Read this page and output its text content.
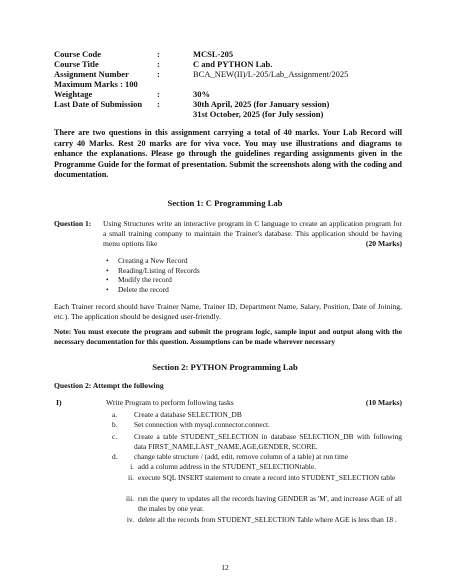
Course Code	:	MCSL-205
Course Title	:	C and PYTHON Lab.
Assignment Number	:	BCA_NEW(II)/L-205/Lab_Assignment/2025
Maximum Marks : 100
Weightage	:	30%
Last Date of Submission	:	30th April, 2025 (for January session)
31st October, 2025 (for July session)
There are two questions in this assignment carrying a total of 40 marks. Your Lab Record will carry 40 Marks. Rest 20 marks are for viva voce. You may use illustrations and diagrams to enhance the explanations. Please go through the guidelines regarding assignments given in the Programme Guide for the format of presentation. Submit the screenshots along with the coding and documentation.
Section 1: C Programming Lab
Question 1: Using Structures write an interactive program in C language to create an application program for a small training company to maintain the Trainer's database. This application should be having menu options like	(20 Marks)
• Creating a New Record
• Reading/Listing of Records
• Modify the record
• Delete the record
Each Trainer record should have Trainer Name, Trainer ID, Department Name, Salary, Position, Date of Joining, etc.). The application should be designed user-friendly.
Note: You must execute the program and submit the program logic, sample input and output along with the necessary documentation for this question. Assumptions can be made wherever necessary
Section 2: PYTHON Programming Lab
Question 2: Attempt the following
I)	Write Program to perform following tasks	(10 Marks)
a. Create a database SELECTION_DB
b. Set connection with mysql.connector.connect.
c. Create a table STUDENT_SELECTION in database SELECTION_DB with following data FIRST_NAME,LAST_NAME,AGE,GENDER, SCORE.
d. change table structure / (add, edit, remove column of a table) at run time
i. add a column address in the STUDENT_SELECTIONtable.
ii. execute SQL INSERT statement to create a record into STUDENT_SELECTION table
iii. run the query to updates all the records having GENDER as 'M', and increase AGE of all the males by one year.
iv. delete all the records from STUDENT_SELECTION Table where AGE is less than 18 .
12
